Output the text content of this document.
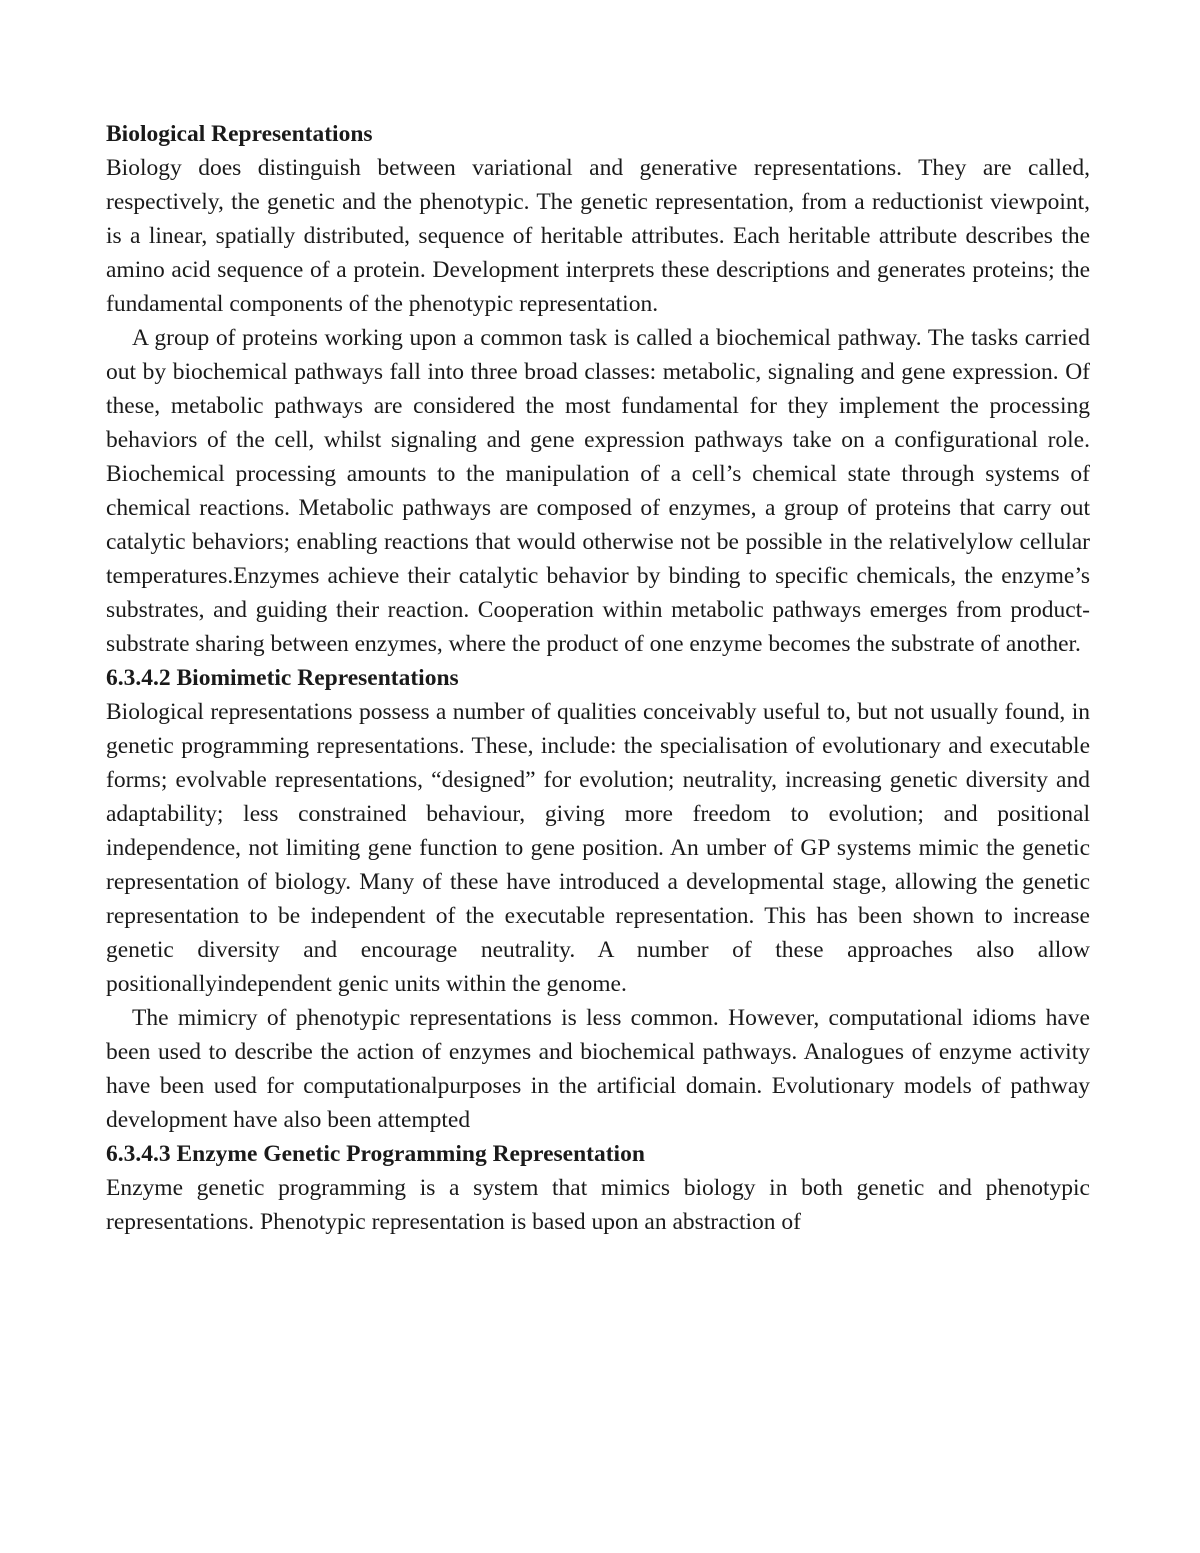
Biological Representations

Biology does distinguish between variational and generative representations. They are called, respectively, the genetic and the phenotypic. The genetic representation, from a reductionist viewpoint, is a linear, spatially distributed, sequence of heritable attributes. Each heritable attribute describes the amino acid sequence of a protein. Development interprets these descriptions and generates proteins; the fundamental components of the phenotypic representation.

A group of proteins working upon a common task is called a biochemical pathway. The tasks carried out by biochemical pathways fall into three broad classes: metabolic, signaling and gene expression. Of these, metabolic pathways are considered the most fundamental for they implement the processing behaviors of the cell, whilst signaling and gene expression pathways take on a configurational role. Biochemical processing amounts to the manipulation of a cell’s chemical state through systems of chemical reactions. Metabolic pathways are composed of enzymes, a group of proteins that carry out catalytic behaviors; enabling reactions that would otherwise not be possible in the relativelylow cellular temperatures.Enzymes achieve their catalytic behavior by binding to specific chemicals, the enzyme’s substrates, and guiding their reaction. Cooperation within metabolic pathways emerges from product-substrate sharing between enzymes, where the product of one enzyme becomes the substrate of another.

6.3.4.2 Biomimetic Representations

Biological representations possess a number of qualities conceivably useful to, but not usually found, in genetic programming representations. These, include: the specialisation of evolutionary and executable forms; evolvable representations, “designed” for evolution; neutrality, increasing genetic diversity and adaptability; less constrained behaviour, giving more freedom to evolution; and positional independence, not limiting gene function to gene position. An umber of GP systems mimic the genetic representation of biology. Many of these have introduced a developmental stage, allowing the genetic representation to be independent of the executable representation. This has been shown to increase genetic diversity and encourage neutrality. A number of these approaches also allow positionallyindependent genic units within the genome.

The mimicry of phenotypic representations is less common. However, computational idioms have been used to describe the action of enzymes and biochemical pathways. Analogues of enzyme activity have been used for computationalpurposes in the artificial domain. Evolutionary models of pathway development have also been attempted

6.3.4.3 Enzyme Genetic Programming Representation

Enzyme genetic programming is a system that mimics biology in both genetic and phenotypic representations. Phenotypic representation is based upon an abstraction of
